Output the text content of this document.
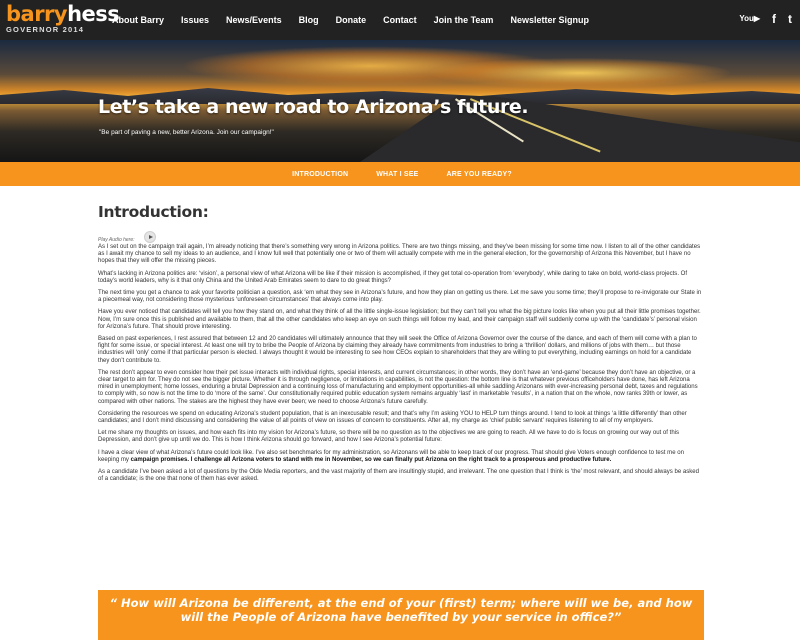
barryhess
GOVERNOR 2014
About Barry Issues News/Events Blog Donate Contact Join the Team Newsletter Signup	You▶ f t
Let’s take a new road to Arizona’s future.
"Be part of paving a new, better Arizona. Join our campaign!"
INTRODUCTION	WHAT I SEE	ARE YOU READY?
Introduction:
Play Audio here:

As I set out on the campaign trail again, I’m already noticing that there’s something very wrong in Arizona politics. There are two things missing, and they’ve been missing for some time now. I listen to all of the other candidates as I await my chance to sell my ideas to an audience, and I know full well that potentially one or two of them will actually compete with me in the general election, for the governorship of Arizona this November, but I have no hopes that they will offer the missing pieces.

What’s lacking in Arizona politics are: ‘vision’, a personal view of what Arizona will be like if their mission is accomplished, if they get total co-operation from ‘everybody’, while daring to take on bold, world-class projects. Of today’s world leaders, why is it that only China and the United Arab Emirates seem to dare to do great things?

The next time you get a chance to ask your favorite politician a question, ask ‘em what they see in Arizona’s future, and how they plan on getting us there. Let me save you some time; they’ll propose to re-invigorate our State in a piecemeal way, not considering those mysterious ‘unforeseen circumstances’ that always come into play.

Have you ever noticed that candidates will tell you how they stand on, and what they think of all the little single-issue legislation; but they can’t tell you what the big picture looks like when you put all their little promises together. Now, I’m sure once this is published and available to them, that all the other candidates who keep an eye on such things will follow my lead, and their campaign staff will suddenly come up with the ‘candidate’s’ personal vision for Arizona’s future. That should prove interesting.

Based on past experiences, I rest assured that between 12 and 20 candidates will ultimately announce that they will seek the Office of Arizona Governor over the course of the dance, and each of them will come with a plan to fight for some issue, or special interest. At least one will try to bribe the People of Arizona by claiming they already have commitments from industries to bring a ‘thrillion’ dollars, and millions of jobs with them… but those industries will ‘only’ come if that particular person is elected. I always thought it would be interesting to see how CEOs explain to shareholders that they are willing to put everything, including earnings on hold for a candidate they don’t contribute to.

The rest don’t appear to even consider how their pet issue interacts with individual rights, special interests, and current circumstances; in other words, they don’t have an ‘end-game’ because they don’t have an objective, or a clear target to aim for. They do not see the bigger picture. Whether it is through negligence, or limitations in capabilities, is not the question: the bottom line is that whatever previous officeholders have done, has left Arizona mired in unemployment; home losses, enduring a brutal Depression and a continuing loss of manufacturing and employment opportunities-all while saddling Arizonans with ever-increasing personal debt, taxes and regulations to comply with, so now is not the time to do ‘more of the same’. Our constitutionally required public education system remains arguably ‘last’ in marketable ‘results’, in a nation that on the whole, now ranks 39th or lower, as compared with other nations. The stakes are the highest they have ever been; we need to choose Arizona’s future carefully.

Considering the resources we spend on educating Arizona’s student population, that is an inexcusable result; and that’s why I’m asking YOU to HELP turn things around. I tend to look at things ‘a little differently’ than other candidates; and I don’t mind discussing and considering the value of all points of view on issues of concern to constituents. After all, my charge as ‘chief public servant’ requires listening to all of my employers.

Let me share my thoughts on issues, and how each fits into my vision for Arizona’s future, so there will be no question as to the objectives we are going to reach. All we have to do is focus on growing our way out of this Depression, and don’t give up until we do. This is how I think Arizona should go forward, and how I see Arizona’s potential future:

I have a clear view of what Arizona’s future could look like. I’ve also set benchmarks for my administration, so Arizonans will be able to keep track of our progress. That should give Voters enough confidence to test me on keeping my campaign promises. I challenge all Arizona voters to stand with me in November, so we can finally put Arizona on the right track to a prosperous and productive future.

As a candidate I’ve been asked a lot of questions by the Olde Media reporters, and the vast majority of them are insultingly stupid, and irrelevant. The one question that I think is ‘the’ most relevant, and should always be asked of a candidate; is the one that none of them has ever asked.

“ How will Arizona be different, at the end of your (first) term; where will we be, and how will the People of Arizona have benefited by your service in office?”
